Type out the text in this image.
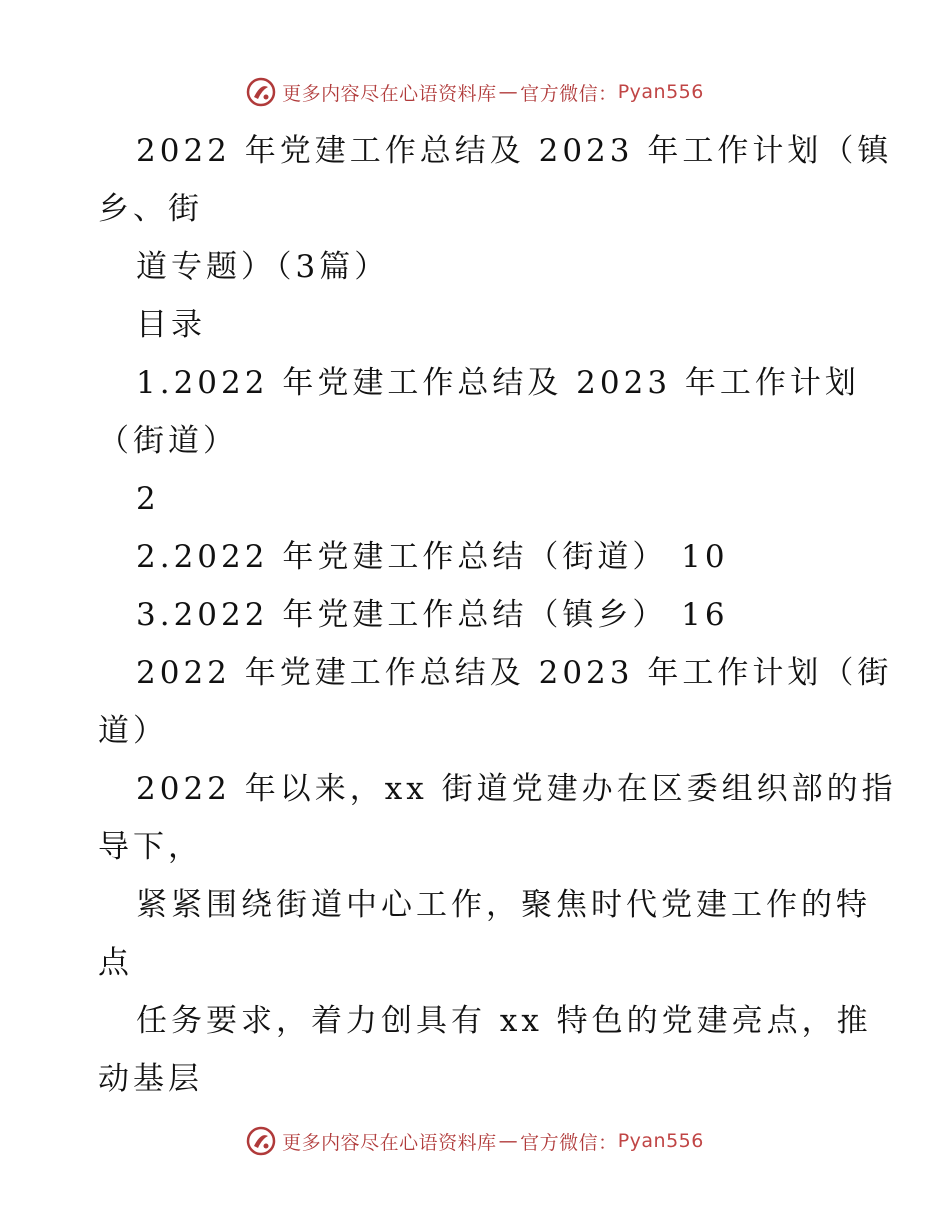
更多内容尽在心语资料库 — 官方微信： Pyan556
2022 年党建工作总结及 2023 年工作计划（镇
乡、街
道专题）（3篇）
目录
1.2022 年党建工作总结及 2023 年工作计划
（街道）
2
2.2022 年党建工作总结（街道） 10
3.2022 年党建工作总结（镇乡） 16
2022 年党建工作总结及 2023 年工作计划（街
道）
2022 年以来，xx 街道党建办在区委组织部的指
导下，
紧紧围绕街道中心工作，聚焦时代党建工作的特
点
任务要求，着力创具有 xx 特色的党建亮点，推
动基层
更多内容尽在心语资料库 — 官方微信： Pyan556
